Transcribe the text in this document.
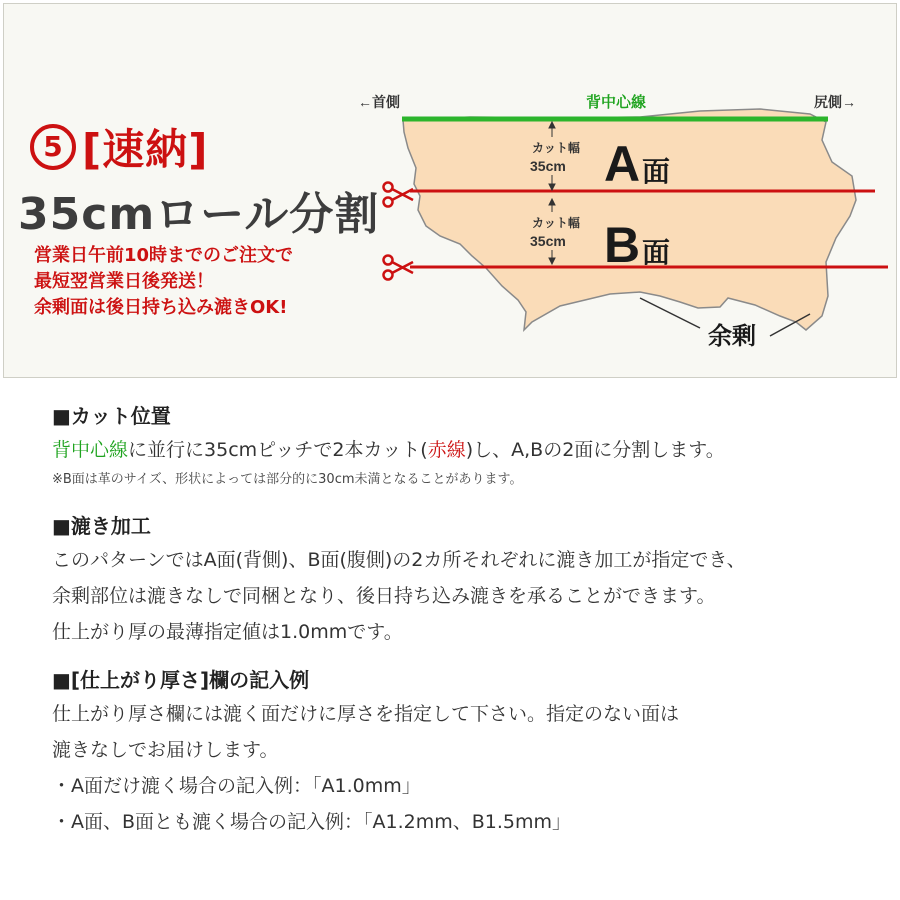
←首側	尻側→
背中心線
カット幅
35cm
カット幅
35cm
A 面
B 面
余剰
5 [速納]
35cmロール分割
営業日午前10時までのご注文で
最短翌営業日後発送！
余剰面は後日持ち込み漉きOK!
■カット位置
背中心線に並行に35cmピッチで2本カット(赤線)し、A,Bの2面に分割します。
※B面は革のサイズ、形状によっては部分的に30cm未満となることがあります。
■漉き加工
このパターンではA面(背側)、B面(腹側)の2カ所それぞれに漉き加工が指定でき、
余剰部位は漉きなしで同梱となり、後日持ち込み漉きを承ることができます。
仕上がり厚の最薄指定値は1.0mmです。
■[仕上がり厚さ]欄の記入例
仕上がり厚さ欄には漉く面だけに厚さを指定して下さい。指定のない面は
漉きなしでお届けします。
・A面だけ漉く場合の記入例：「A1.0mm」
・A面、B面とも漉く場合の記入例：「A1.2mm、B1.5mm」
